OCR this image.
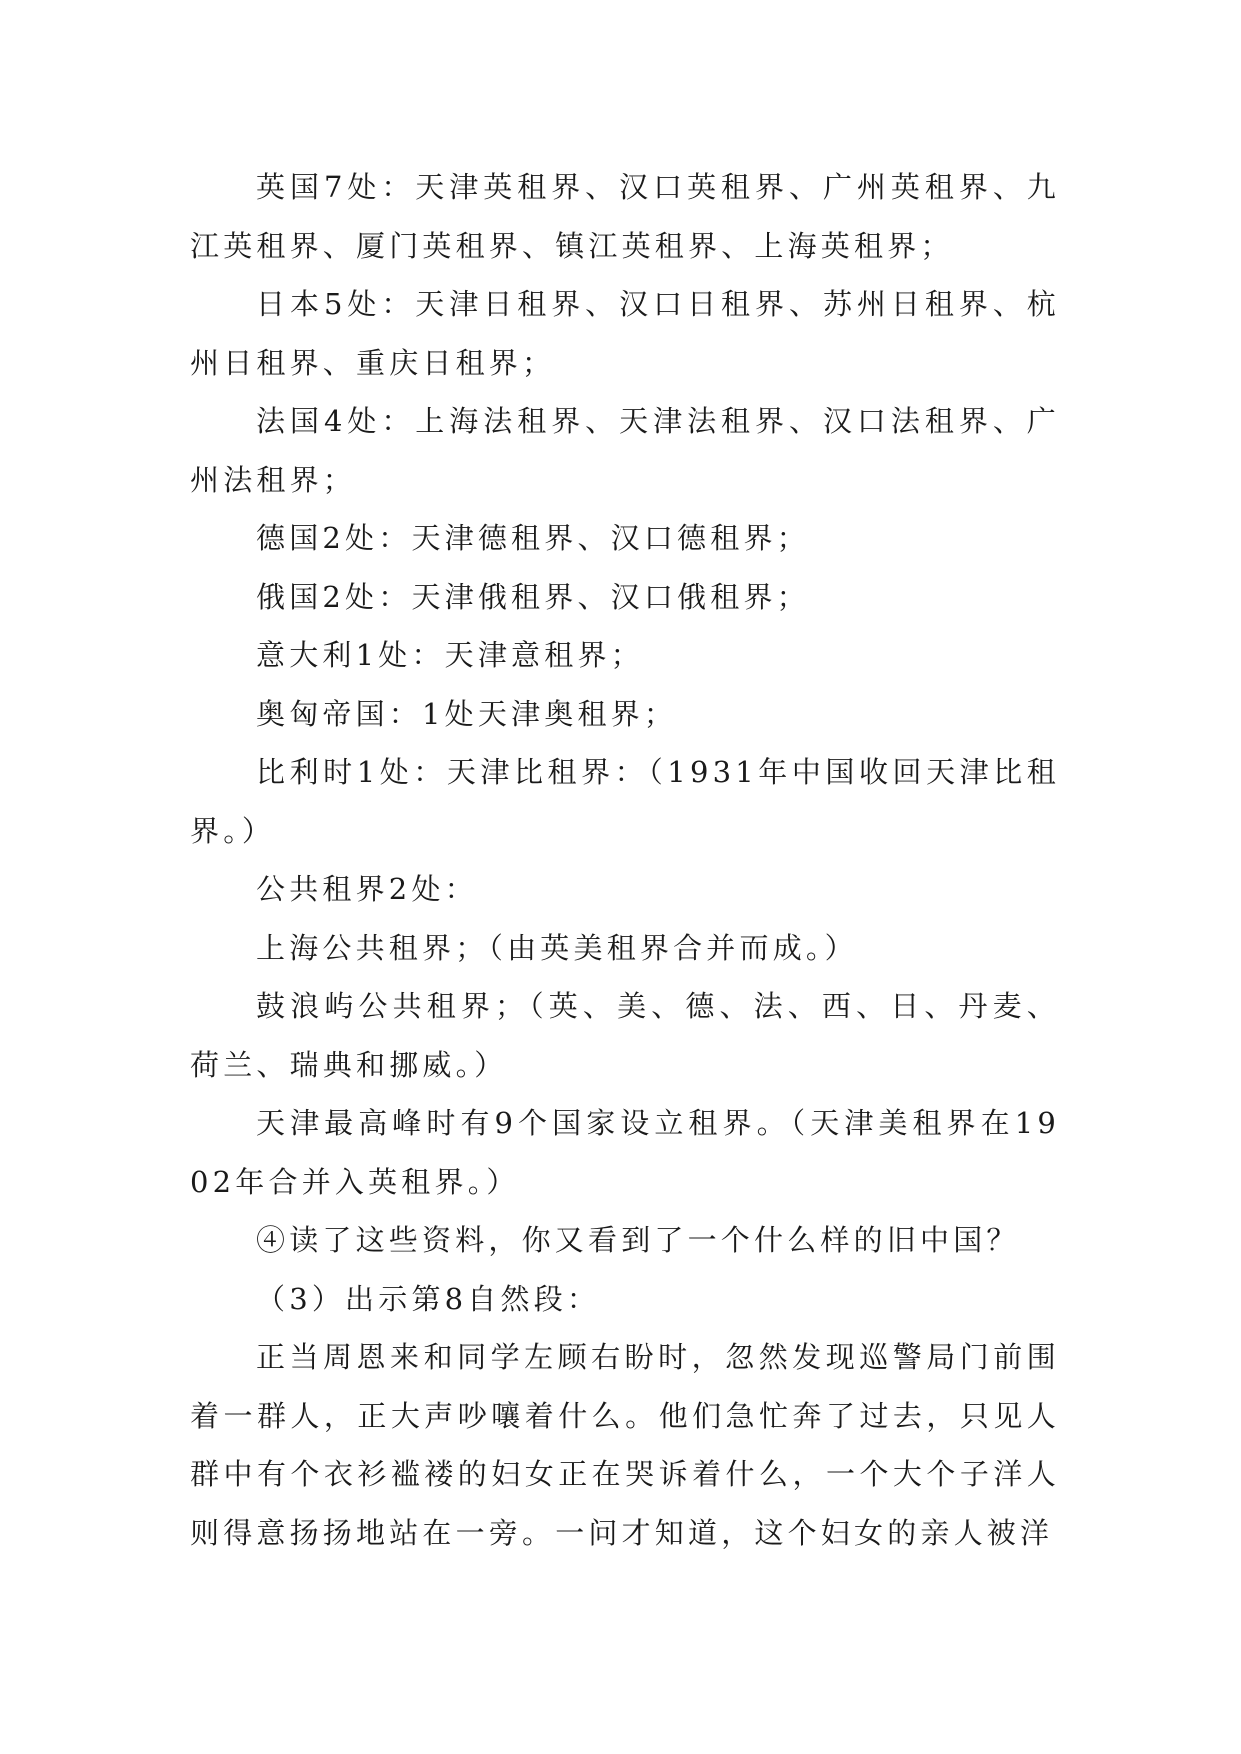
英国7处：天津英租界、汉口英租界、广州英租界、九江英租界、厦门英租界、镇江英租界、上海英租界；

日本5处：天津日租界、汉口日租界、苏州日租界、杭州日租界、重庆日租界；

法国4处：上海法租界、天津法租界、汉口法租界、广州法租界；

德国2处：天津德租界、汉口德租界；

俄国2处：天津俄租界、汉口俄租界；

意大利1处：天津意租界；

奥匈帝国：1处天津奥租界；

比利时1处：天津比租界：（1931年中国收回天津比租界。）

公共租界2处：

上海公共租界；（由英美租界合并而成。）

鼓浪屿公共租界；（英、美、德、法、西、日、丹麦、荷兰、瑞典和挪威。）

天津最高峰时有9个国家设立租界。（天津美租界在1902年合并入英租界。）

④读了这些资料，你又看到了一个什么样的旧中国？

（3）出示第8自然段：

正当周恩来和同学左顾右盼时，忽然发现巡警局门前围着一群人，正大声吵嚷着什么。他们急忙奔了过去，只见人群中有个衣衫褴褛的妇女正在哭诉着什么，一个大个子洋人则得意扬扬地站在一旁。一问才知道，这个妇女的亲人被洋
